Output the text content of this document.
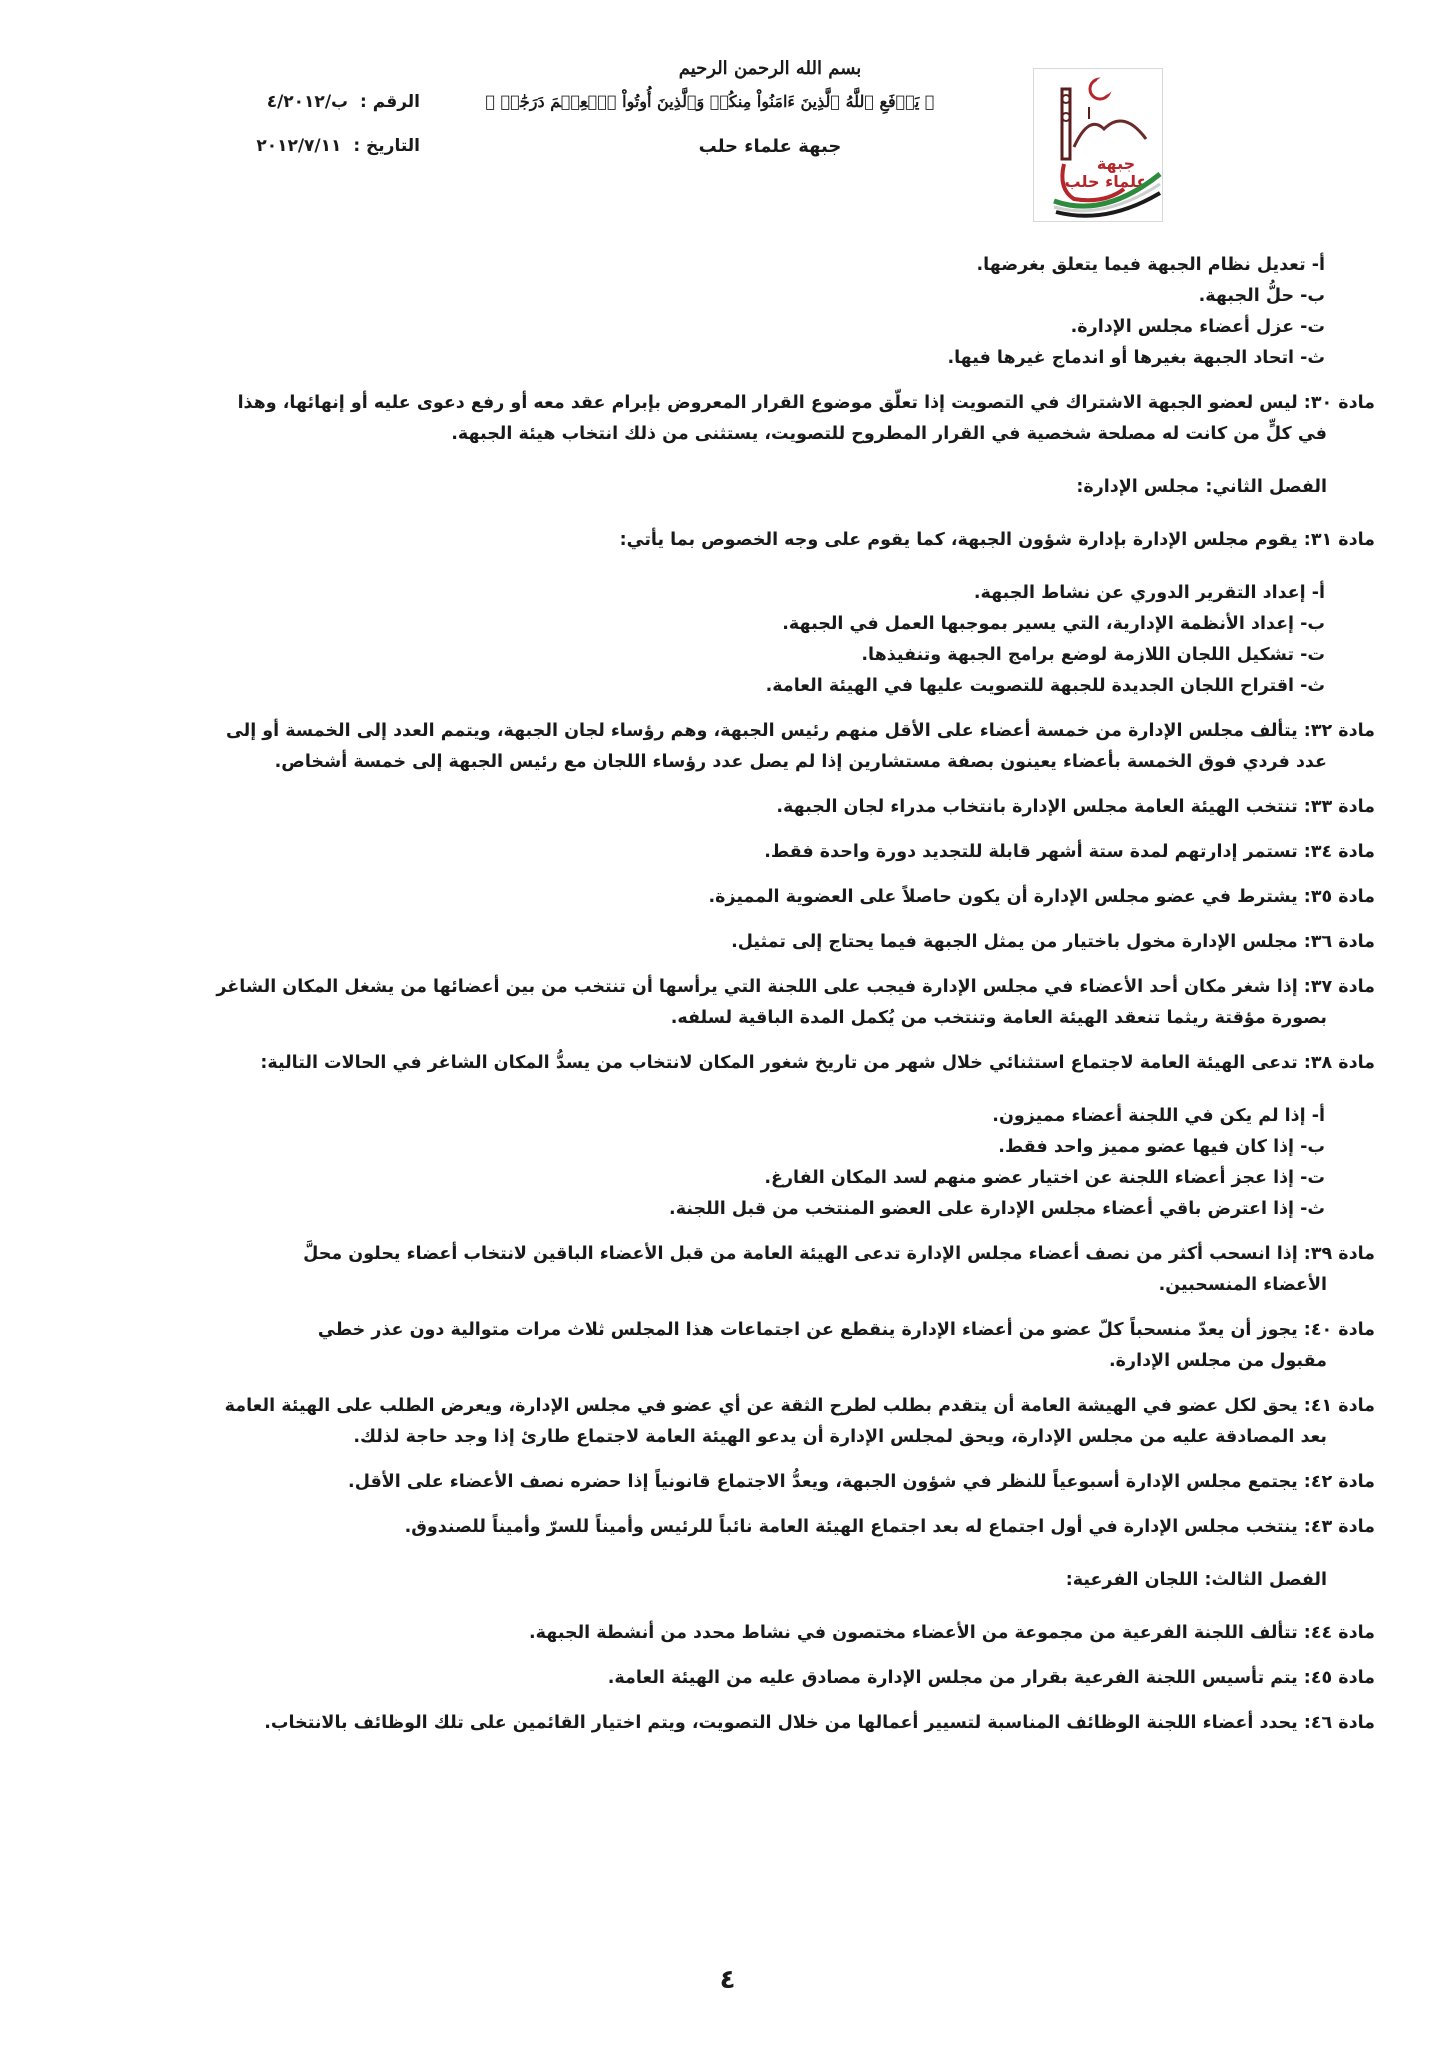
جبهة
علماء حلب
بسم الله الرحمن الرحيم
﴿ يَرۡفَعِ ٱللَّهُ ٱلَّذِينَ ءَامَنُواْ مِنكُمۡ وَٱلَّذِينَ أُوتُواْ ٱلۡعِلۡمَ دَرَجَٰتٖ ﴾
جبهة علماء حلب
الرقم : ب/٤/٢٠١٢
التاريخ : ٢٠١٢/٧/١١
أ- تعديل نظام الجبهة فيما يتعلق بغرضها.
ب- حلُّ الجبهة.
ت- عزل أعضاء مجلس الإدارة.
ث- اتحاد الجبهة بغيرها أو اندماج غيرها فيها.
مادة ٣٠: ليس لعضو الجبهة الاشتراك في التصويت إذا تعلّق موضوع القرار المعروض بإبرام عقد معه أو رفع دعوى عليه أو إنهائها، وهذا
في كلٍّ من كانت له مصلحة شخصية في القرار المطروح للتصويت، يستثنى من ذلك انتخاب هيئة الجبهة.
الفصل الثاني: مجلس الإدارة:
مادة ٣١: يقوم مجلس الإدارة بإدارة شؤون الجبهة، كما يقوم على وجه الخصوص بما يأتي:
أ- إعداد التقرير الدوري عن نشاط الجبهة.
ب- إعداد الأنظمة الإدارية، التي يسير بموجبها العمل في الجبهة.
ت- تشكيل اللجان اللازمة لوضع برامج الجبهة وتنفيذها.
ث- اقتراح اللجان الجديدة للجبهة للتصويت عليها في الهيئة العامة.
مادة ٣٢: يتألف مجلس الإدارة من خمسة أعضاء على الأقل منهم رئيس الجبهة، وهم رؤساء لجان الجبهة، ويتمم العدد إلى الخمسة أو إلى
عدد فردي فوق الخمسة بأعضاء يعينون بصفة مستشارين إذا لم يصل عدد رؤساء اللجان مع رئيس الجبهة إلى خمسة أشخاص.
مادة ٣٣: تنتخب الهيئة العامة مجلس الإدارة بانتخاب مدراء لجان الجبهة.
مادة ٣٤: تستمر إدارتهم لمدة ستة أشهر قابلة للتجديد دورة واحدة فقط.
مادة ٣٥: يشترط في عضو مجلس الإدارة أن يكون حاصلاً على العضوية المميزة.
مادة ٣٦: مجلس الإدارة مخول باختيار من يمثل الجبهة فيما يحتاج إلى تمثيل.
مادة ٣٧: إذا شغر مكان أحد الأعضاء في مجلس الإدارة فيجب على اللجنة التي يرأسها أن تنتخب من بين أعضائها من يشغل المكان الشاغر
بصورة مؤقتة ريثما تنعقد الهيئة العامة وتنتخب من يُكمل المدة الباقية لسلفه.
مادة ٣٨: تدعى الهيئة العامة لاجتماع استثنائي خلال شهر من تاريخ شغور المكان لانتخاب من يسدُّ المكان الشاغر في الحالات التالية:
أ- إذا لم يكن في اللجنة أعضاء مميزون.
ب- إذا كان فيها عضو مميز واحد فقط.
ت- إذا عجز أعضاء اللجنة عن اختيار عضو منهم لسد المكان الفارغ.
ث- إذا اعترض باقي أعضاء مجلس الإدارة على العضو المنتخب من قبل اللجنة.
مادة ٣٩: إذا انسحب أكثر من نصف أعضاء مجلس الإدارة تدعى الهيئة العامة من قبل الأعضاء الباقين لانتخاب أعضاء يحلون محلَّ
الأعضاء المنسحبين.
مادة ٤٠: يجوز أن يعدّ منسحباً كلّ عضو من أعضاء الإدارة ينقطع عن اجتماعات هذا المجلس ثلاث مرات متوالية دون عذر خطي
مقبول من مجلس الإدارة.
مادة ٤١: يحق لكل عضو في الهيشة العامة أن يتقدم بطلب لطرح الثقة عن أي عضو في مجلس الإدارة، ويعرض الطلب على الهيئة العامة
بعد المصادقة عليه من مجلس الإدارة، ويحق لمجلس الإدارة أن يدعو الهيئة العامة لاجتماع طارئ إذا وجد حاجة لذلك.
مادة ٤٢: يجتمع مجلس الإدارة أسبوعياً للنظر في شؤون الجبهة، ويعدُّ الاجتماع قانونياً إذا حضره نصف الأعضاء على الأقل.
مادة ٤٣: ينتخب مجلس الإدارة في أول اجتماع له بعد اجتماع الهيئة العامة نائباً للرئيس وأميناً للسرّ وأميناً للصندوق.
الفصل الثالث: اللجان الفرعية:
مادة ٤٤: تتألف اللجنة الفرعية من مجموعة من الأعضاء مختصون في نشاط محدد من أنشطة الجبهة.
مادة ٤٥: يتم تأسيس اللجنة الفرعية بقرار من مجلس الإدارة مصادق عليه من الهيئة العامة.
مادة ٤٦: يحدد أعضاء اللجنة الوظائف المناسبة لتسيير أعمالها من خلال التصويت، ويتم اختيار القائمين على تلك الوظائف بالانتخاب.
٤
